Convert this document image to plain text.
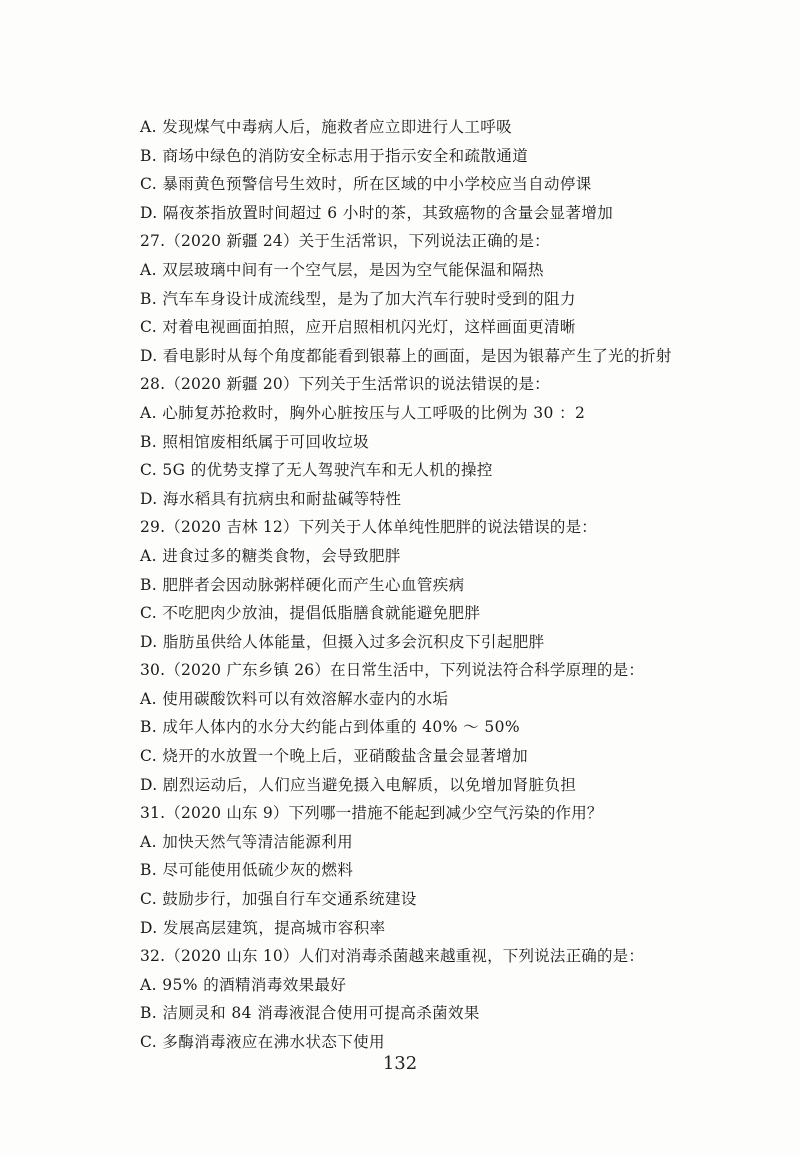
A. 发现煤气中毒病人后，施救者应立即进行人工呼吸
B. 商场中绿色的消防安全标志用于指示安全和疏散通道
C. 暴雨黄色预警信号生效时，所在区域的中小学校应当自动停课
D. 隔夜茶指放置时间超过 6 小时的茶，其致癌物的含量会显著增加
27.（2020 新疆 24）关于生活常识，下列说法正确的是：
A. 双层玻璃中间有一个空气层，是因为空气能保温和隔热
B. 汽车车身设计成流线型，是为了加大汽车行驶时受到的阻力
C. 对着电视画面拍照，应开启照相机闪光灯，这样画面更清晰
D. 看电影时从每个角度都能看到银幕上的画面，是因为银幕产生了光的折射
28.（2020 新疆 20）下列关于生活常识的说法错误的是：
A. 心肺复苏抢救时，胸外心脏按压与人工呼吸的比例为 30 ：2
B. 照相馆废相纸属于可回收垃圾
C. 5G 的优势支撑了无人驾驶汽车和无人机的操控
D. 海水稻具有抗病虫和耐盐碱等特性
29.（2020 吉林 12）下列关于人体单纯性肥胖的说法错误的是：
A. 进食过多的糖类食物，会导致肥胖
B. 肥胖者会因动脉粥样硬化而产生心血管疾病
C. 不吃肥肉少放油，提倡低脂膳食就能避免肥胖
D. 脂肪虽供给人体能量，但摄入过多会沉积皮下引起肥胖
30.（2020 广东乡镇 26）在日常生活中，下列说法符合科学原理的是：
A. 使用碳酸饮料可以有效溶解水壶内的水垢
B. 成年人体内的水分大约能占到体重的 40% ～ 50%
C. 烧开的水放置一个晚上后，亚硝酸盐含量会显著增加
D. 剧烈运动后，人们应当避免摄入电解质，以免增加肾脏负担
31.（2020 山东 9）下列哪一措施不能起到减少空气污染的作用？
A. 加快天然气等清洁能源利用
B. 尽可能使用低硫少灰的燃料
C. 鼓励步行，加强自行车交通系统建设
D. 发展高层建筑，提高城市容积率
32.（2020 山东 10）人们对消毒杀菌越来越重视，下列说法正确的是：
A. 95% 的酒精消毒效果最好
B. 洁厕灵和 84 消毒液混合使用可提高杀菌效果
C. 多酶消毒液应在沸水状态下使用
132
